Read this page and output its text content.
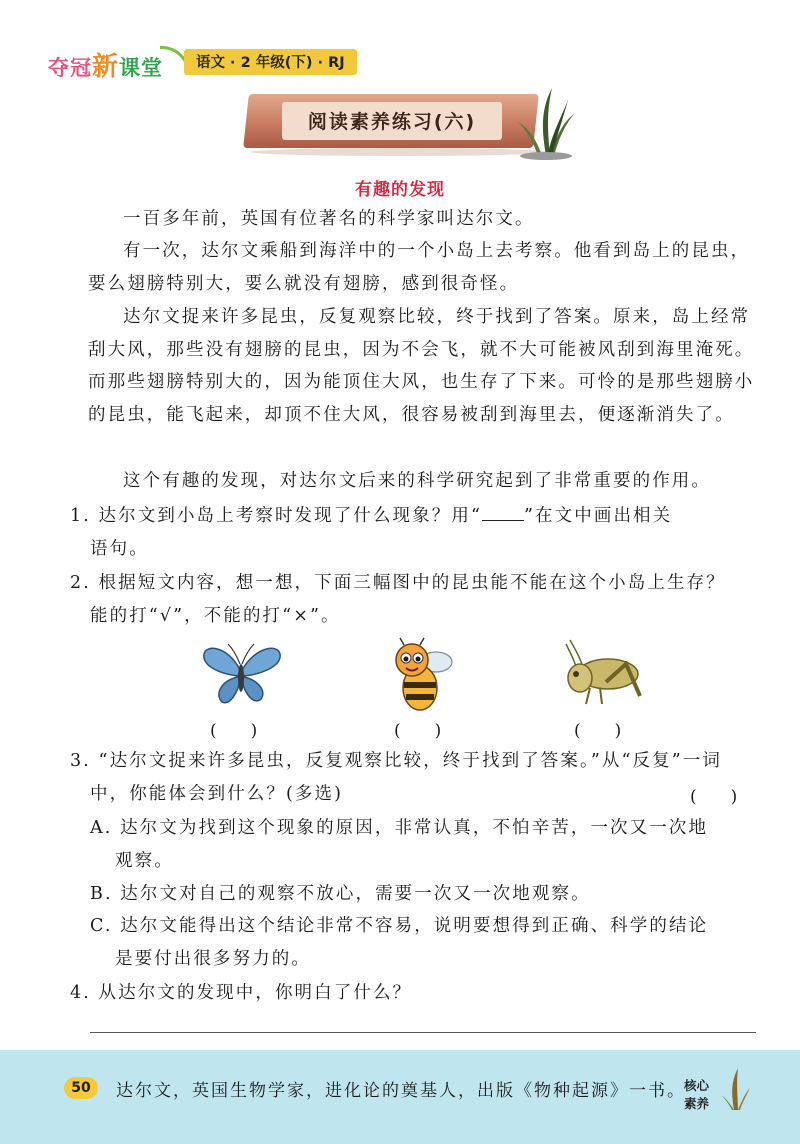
夺冠新课堂	语文 · 2 年级(下) · RJ
阅读素养练习(六)
有趣的发现
一百多年前，英国有位著名的科学家叫达尔文。
有一次，达尔文乘船到海洋中的一个小岛上去考察。他看到岛上的昆虫，要么翅膀特别大，要么就没有翅膀，感到很奇怪。
达尔文捉来许多昆虫，反复观察比较，终于找到了答案。原来，岛上经常刮大风，那些没有翅膀的昆虫，因为不会飞，就不大可能被风刮到海里淹死。而那些翅膀特别大的，因为能顶住大风，也生存了下来。可怜的是那些翅膀小的昆虫，能飞起来，却顶不住大风，很容易被刮到海里去，便逐渐消失了。
这个有趣的发现，对达尔文后来的科学研究起到了非常重要的作用。
1. 达尔文到小岛上考察时发现了什么现象？用“ ”在文中画出相关
语句。
2. 根据短文内容，想一想，下面三幅图中的昆虫能不能在这个小岛上生存？
能的打“√”，不能的打“×”。
(　　)	(　　)	(　　)
3. “达尔文捉来许多昆虫，反复观察比较，终于找到了答案。”从“反复”一词
中，你能体会到什么？(多选)	(　　)
A. 达尔文为找到这个现象的原因，非常认真，不怕辛苦，一次又一次地
观察。
B. 达尔文对自己的观察不放心，需要一次又一次地观察。
C. 达尔文能得出这个结论非常不容易，说明要想得到正确、科学的结论
是要付出很多努力的。
4. 从达尔文的发现中，你明白了什么？
50	达尔文，英国生物学家，进化论的奠基人，出版《物种起源》一书。
核心
素养
